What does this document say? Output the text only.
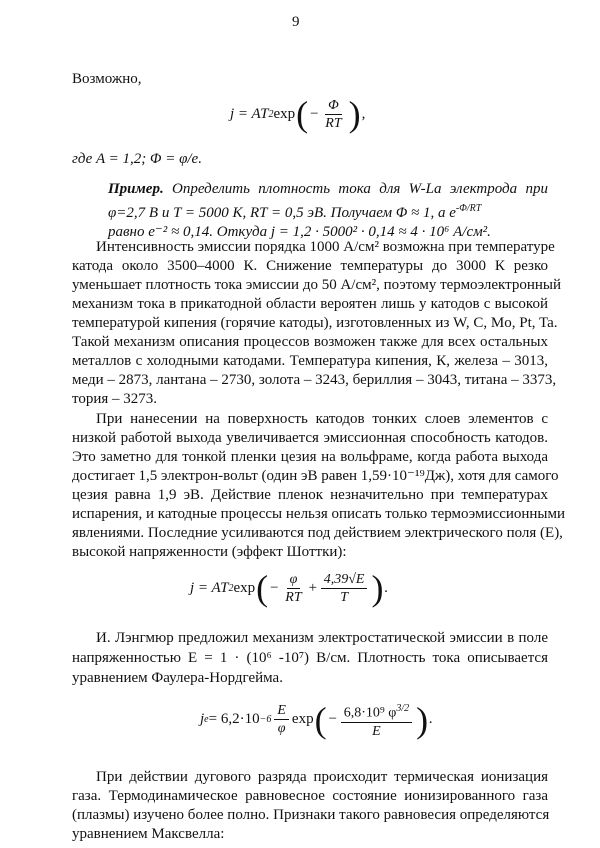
9
Возможно,
j = AT 2 exp ( − $\frac{\Phi}{RT}$ ) ,
где A = 1,2; Φ = φ/e.
Пример. Определить плотность тока для W-La электрода при
φ=2,7 В и T = 5000 К, RT = 0,5 эВ. Получаем Φ ≈ 1, а $e^{-\Phi/RT}$
равно e⁻² ≈ 0,14. Откуда j = 1,2 · 5000² · 0,14 ≈ 4 · 10⁶ А/см².
Интенсивность эмиссии порядка 1000 А/см² возможна при температуре
катода около 3500–4000 К. Снижение температуры до 3000 К резко
уменьшает плотность тока эмиссии до 50 А/см², поэтому термоэлектронный
механизм тока в прикатодной области вероятен лишь у катодов с высокой
температурой кипения (горячие катоды), изготовленных из W, C, Mo, Pt, Ta.
Такой механизм описания процессов возможен также для всех остальных
металлов с холодными катодами. Температура кипения, К, железа – 3013,
меди – 2873, лантана – 2730, золота – 3243, бериллия – 3043, титана – 3373,
тория – 3273.
При нанесении на поверхность катодов тонких слоев элементов с
низкой работой выхода увеличивается эмиссионная способность катодов.
Это заметно для тонкой пленки цезия на вольфраме, когда работа выхода
достигает 1,5 электрон-вольт (один эВ равен 1,59·10⁻¹⁹Дж), хотя для самого
цезия равна 1,9 эВ. Действие пленок незначительно при температурах
испарения, и катодные процессы нельзя описать только термоэмиссионными
явлениями. Последние усиливаются под действием электрического поля (E),
высокой напряженности (эффект Шоттки):
j = AT 2 exp ( − $\frac{\varphi}{RT} + \frac{4,39√E}{T}$ ) .
И. Лэнгмюр предложил механизм электростатической эмиссии в поле
напряженностью E = 1 · (10⁶ -10⁷) В/см. Плотность тока описывается
уравнением Фаулера-Нордгейма.
j $e = 6,2\cdot 10 -6 \frac{E}{\varphi}$ exp ( − $\frac{6,8\cdot 10^9 \varphi^{3/2}}{E}$ ) .
При действии дугового разряда происходит термическая ионизация
газа. Термодинамическое равновесное состояние ионизированного газа
(плазмы) изучено более полно. Признаки такого равновесия определяются
уравнением Максвелла:
